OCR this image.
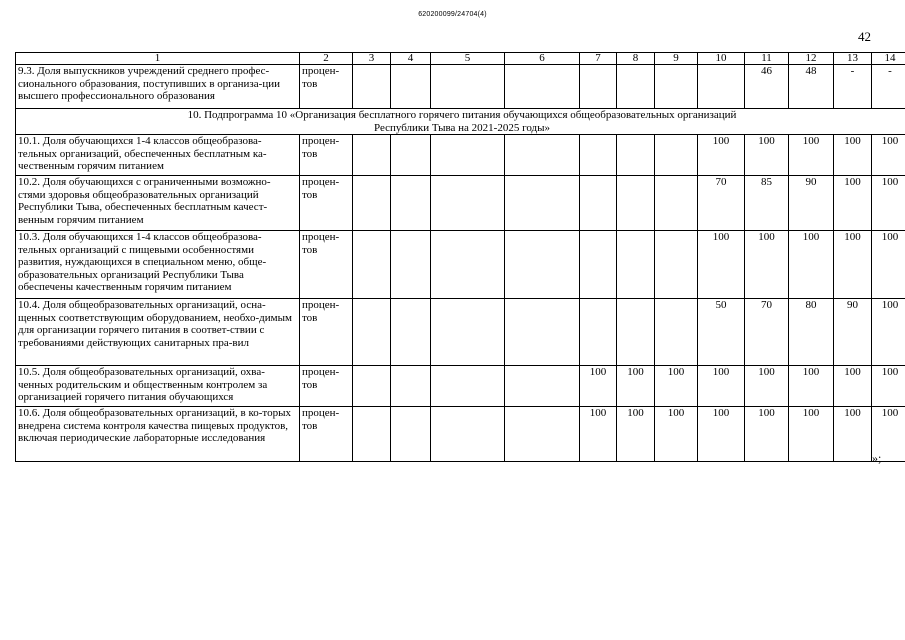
620200099/24704(4)
42
1	2	3	4	5	6	7	8	9	10	11	12	13	14
9.3. Доля выпускников учреждений среднего профес-сионального образования, поступивших в организа-ции высшего профессионального образования	процен-тов									46	48	-	-
10. Подпрограмма 10 «Организация бесплатного горячего питания обучающихся общеобразовательных организаций Республики Тыва на 2021-2025 годы»													
10.1. Доля обучающихся 1-4 классов общеобразова-тельных организаций, обеспеченных бесплатным ка-чественным горячим питанием	процен-тов								100	100	100	100	100
10.2. Доля обучающихся с ограниченными возможно-стями здоровья общеобразовательных организаций Республики Тыва, обеспеченных бесплатным качест-венным горячим питанием	процен-тов								70	85	90	100	100
10.3. Доля обучающихся 1-4 классов общеобразова-тельных организаций с пищевыми особенностями развития, нуждающихся в специальном меню, обще-образовательных организаций Республики Тыва обеспечены качественным горячим питанием	процен-тов								100	100	100	100	100
10.4. Доля общеобразовательных организаций, осна-щенных соответствующим оборудованием, необхо-димым для организации горячего питания в соответ-ствии с требованиями действующих санитарных пра-вил	процен-тов								50	70	80	90	100
10.5. Доля общеобразовательных организаций, охва-ченных родительским и общественным контролем за организацией горячего питания обучающихся	процен-тов					100	100	100	100	100	100	100	100
10.6. Доля общеобразовательных организаций, в ко-торых внедрена система контроля качества пищевых продуктов, включая периодические лабораторные исследования	процен-тов					100	100	100	100	100	100	100	100
»;
